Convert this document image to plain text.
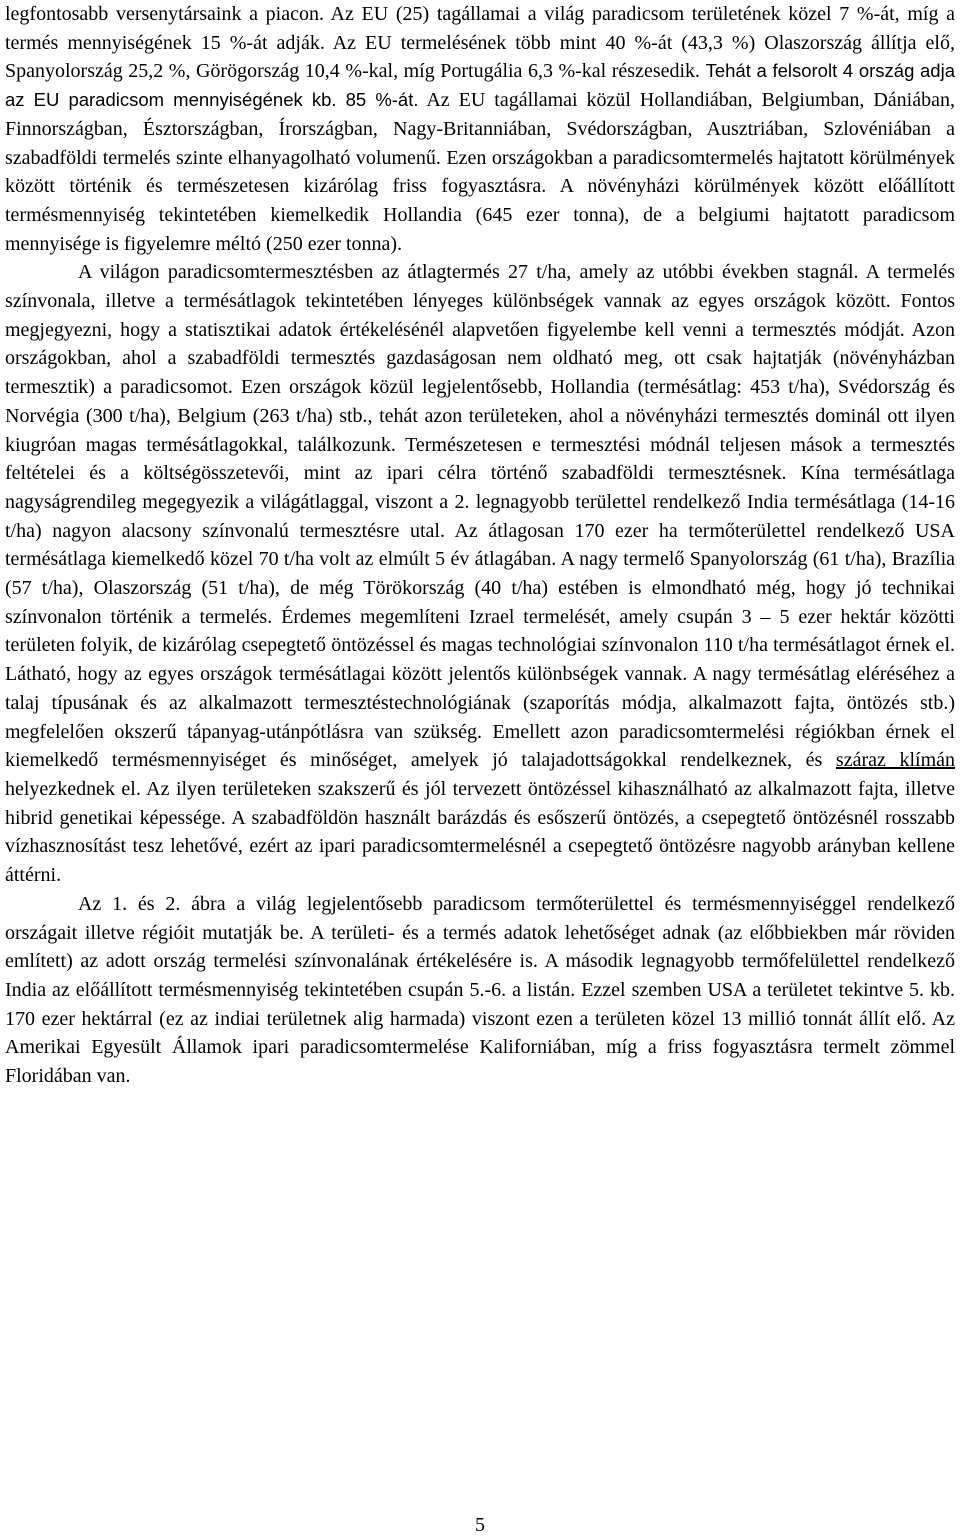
legfontosabb versenytársaink a piacon. Az EU (25) tagállamai a világ paradicsom területének közel 7 %-át, míg a termés mennyiségének 15 %-át adják. Az EU termelésének több mint 40 %-át (43,3 %) Olaszország állítja elő, Spanyolország 25,2 %, Görögország 10,4 %-kal, míg Portugália 6,3 %-kal részesedik. Tehát a felsorolt 4 ország adja az EU paradicsom mennyiségének kb. 85 %-át. Az EU tagállamai közül Hollandiában, Belgiumban, Dániában, Finnországban, Észtországban, Írországban, Nagy-Britanniában, Svédországban, Ausztriában, Szlovéniában a szabadföldi termelés szinte elhanyagolható volumenű. Ezen országokban a paradicsomtermelés hajtatott körülmények között történik és természetesen kizárólag friss fogyasztásra. A növényházi körülmények között előállított termésmennyiség tekintetében kiemelkedik Hollandia (645 ezer tonna), de a belgiumi hajtatott paradicsom mennyisége is figyelemre méltó (250 ezer tonna).

A világon paradicsomtermesztésben az átlagtermés 27 t/ha, amely az utóbbi években stagnál. A termelés színvonala, illetve a termésátlagok tekintetében lényeges különbségek vannak az egyes országok között. Fontos megjegyezni, hogy a statisztikai adatok értékelésénél alapvetően figyelembe kell venni a termesztés módját. Azon országokban, ahol a szabadföldi termesztés gazdaságosan nem oldható meg, ott csak hajtatják (növényházban termesztik) a paradicsomot. Ezen országok közül legjelentősebb, Hollandia (termésátlag: 453 t/ha), Svédország és Norvégia (300 t/ha), Belgium (263 t/ha) stb., tehát azon területeken, ahol a növényházi termesztés dominál ott ilyen kiugróan magas termésátlagokkal, találkozunk. Természetesen e termesztési módnál teljesen mások a termesztés feltételei és a költségösszetevői, mint az ipari célra történő szabadföldi termesztésnek. Kína termésátlaga nagyságrendileg megegyezik a világátlaggal, viszont a 2. legnagyobb területtel rendelkező India termésátlaga (14-16 t/ha) nagyon alacsony színvonalú termesztésre utal. Az átlagosan 170 ezer ha termőterülettel rendelkező USA termésátlaga kiemelkedő közel 70 t/ha volt az elmúlt 5 év átlagában. A nagy termelő Spanyolország (61 t/ha), Brazília (57 t/ha), Olaszország (51 t/ha), de még Törökország (40 t/ha) estében is elmondható még, hogy jó technikai színvonalon történik a termelés. Érdemes megemlíteni Izrael termelését, amely csupán 3 – 5 ezer hektár közötti területen folyik, de kizárólag csepegtető öntözéssel és magas technológiai színvonalon 110 t/ha termésátlagot érnek el. Látható, hogy az egyes országok termésátlagai között jelentős különbségek vannak. A nagy termésátlag eléréséhez a talaj típusának és az alkalmazott termesztéstechnológiának (szaporítás módja, alkalmazott fajta, öntözés stb.) megfelelően okszerű tápanyag-utánpótlásra van szükség. Emellett azon paradicsomtermelési régiókban érnek el kiemelkedő termésmennyiséget és minőséget, amelyek jó talajadottságokkal rendelkeznek, és száraz klímán helyezkednek el. Az ilyen területeken szakszerű és jól tervezett öntözéssel kihasználható az alkalmazott fajta, illetve hibrid genetikai képessége. A szabadföldön használt barázdás és esőszerű öntözés, a csepegtető öntözésnél rosszabb vízhasznosítást tesz lehetővé, ezért az ipari paradicsomtermelésnél a csepegtető öntözésre nagyobb arányban kellene áttérni.

Az 1. és 2. ábra a világ legjelentősebb paradicsom termőterülettel és termésmennyiséggel rendelkező országait illetve régióit mutatják be. A területi- és a termés adatok lehetőséget adnak (az előbbiekben már röviden említett) az adott ország termelési színvonalának értékelésére is. A második legnagyobb termőfelülettel rendelkező India az előállított termésmennyiség tekintetében csupán 5.-6. a listán. Ezzel szemben USA a területet tekintve 5. kb. 170 ezer hektárral (ez az indiai területnek alig harmada) viszont ezen a területen közel 13 millió tonnát állít elő. Az Amerikai Egyesült Államok ipari paradicsomtermelése Kaliforniában, míg a friss fogyasztásra termelt zömmel Floridában van.

5
